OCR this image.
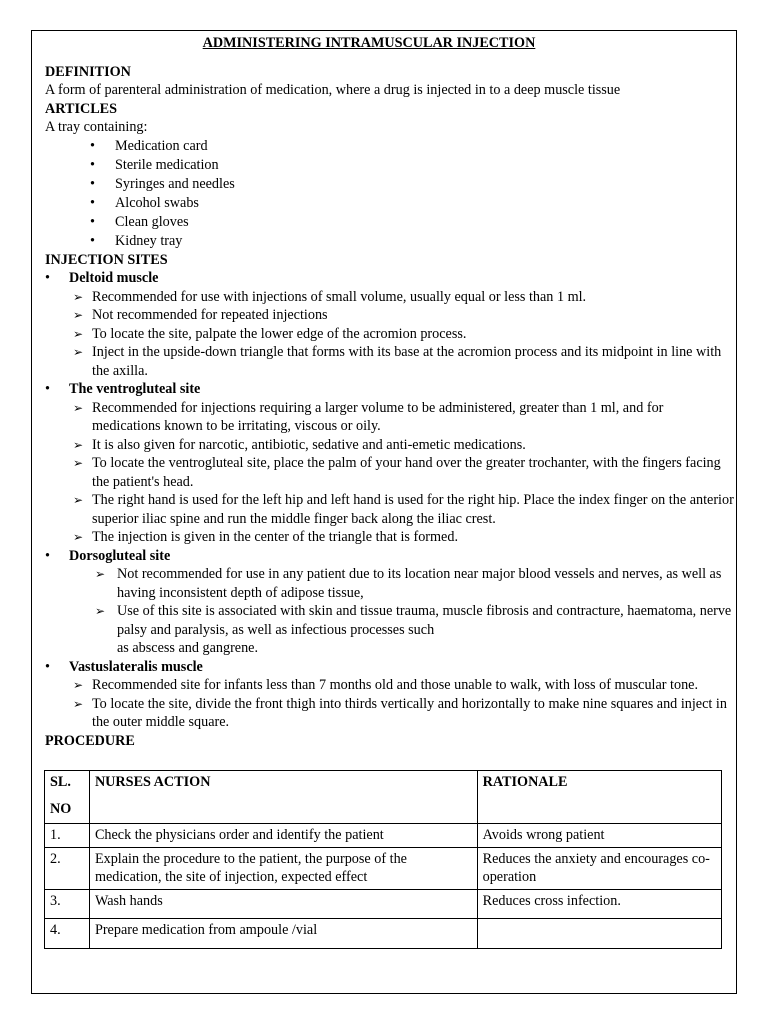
ADMINISTERING INTRAMUSCULAR INJECTION

DEFINITION

A form of parenteral administration of medication, where a drug is injected in to a deep muscle tissue

ARTICLES

A tray containing:

• Medication card
• Sterile medication
• Syringes and needles
• Alcohol swabs
• Clean gloves
• Kidney tray

INJECTION SITES

• Deltoid muscle

➢ Recommended for use with injections of small volume, usually equal or less than 1 ml.
➢ Not recommended for repeated injections
➢ To locate the site, palpate the lower edge of the acromion process.
➢ Inject in the upside-down triangle that forms with its base at the acromion process and its midpoint in line with the axilla.

• The ventrogluteal site

➢ Recommended for injections requiring a larger volume to be administered, greater than 1 ml, and for medications known to be irritating, viscous or oily.
➢ It is also given for narcotic, antibiotic, sedative and anti-emetic medications.
➢ To locate the ventrogluteal site, place the palm of your hand over the greater trochanter, with the fingers facing the patient's head.
➢ The right hand is used for the left hip and left hand is used for the right hip. Place the index finger on the anterior superior iliac spine and run the middle finger back along the iliac crest.
➢ The injection is given in the center of the triangle that is formed.

• Dorsogluteal site

➢ Not recommended for use in any patient due to its location near major blood vessels and nerves, as well as having inconsistent depth of adipose tissue,
➢ Use of this site is associated with skin and tissue trauma, muscle fibrosis and contracture, haematoma, nerve palsy and paralysis, as well as infectious processes such

as abscess and gangrene.

• Vastuslateralis muscle

➢ Recommended site for infants less than 7 months old and those unable to walk, with loss of muscular tone.
➢ To locate the site, divide the front thigh into thirds vertically and horizontally to make nine squares and inject in the outer middle square.

PROCEDURE

SL.
NO	NURSES ACTION	RATIONALE
1.	Check the physicians order and identify the patient	Avoids wrong patient
2.	Explain the procedure to the patient, the purpose of the medication, the site of injection, expected effect	Reduces the anxiety and encourages co-operation
3.	Wash hands	Reduces cross infection.
4.	Prepare medication from ampoule /vial	
